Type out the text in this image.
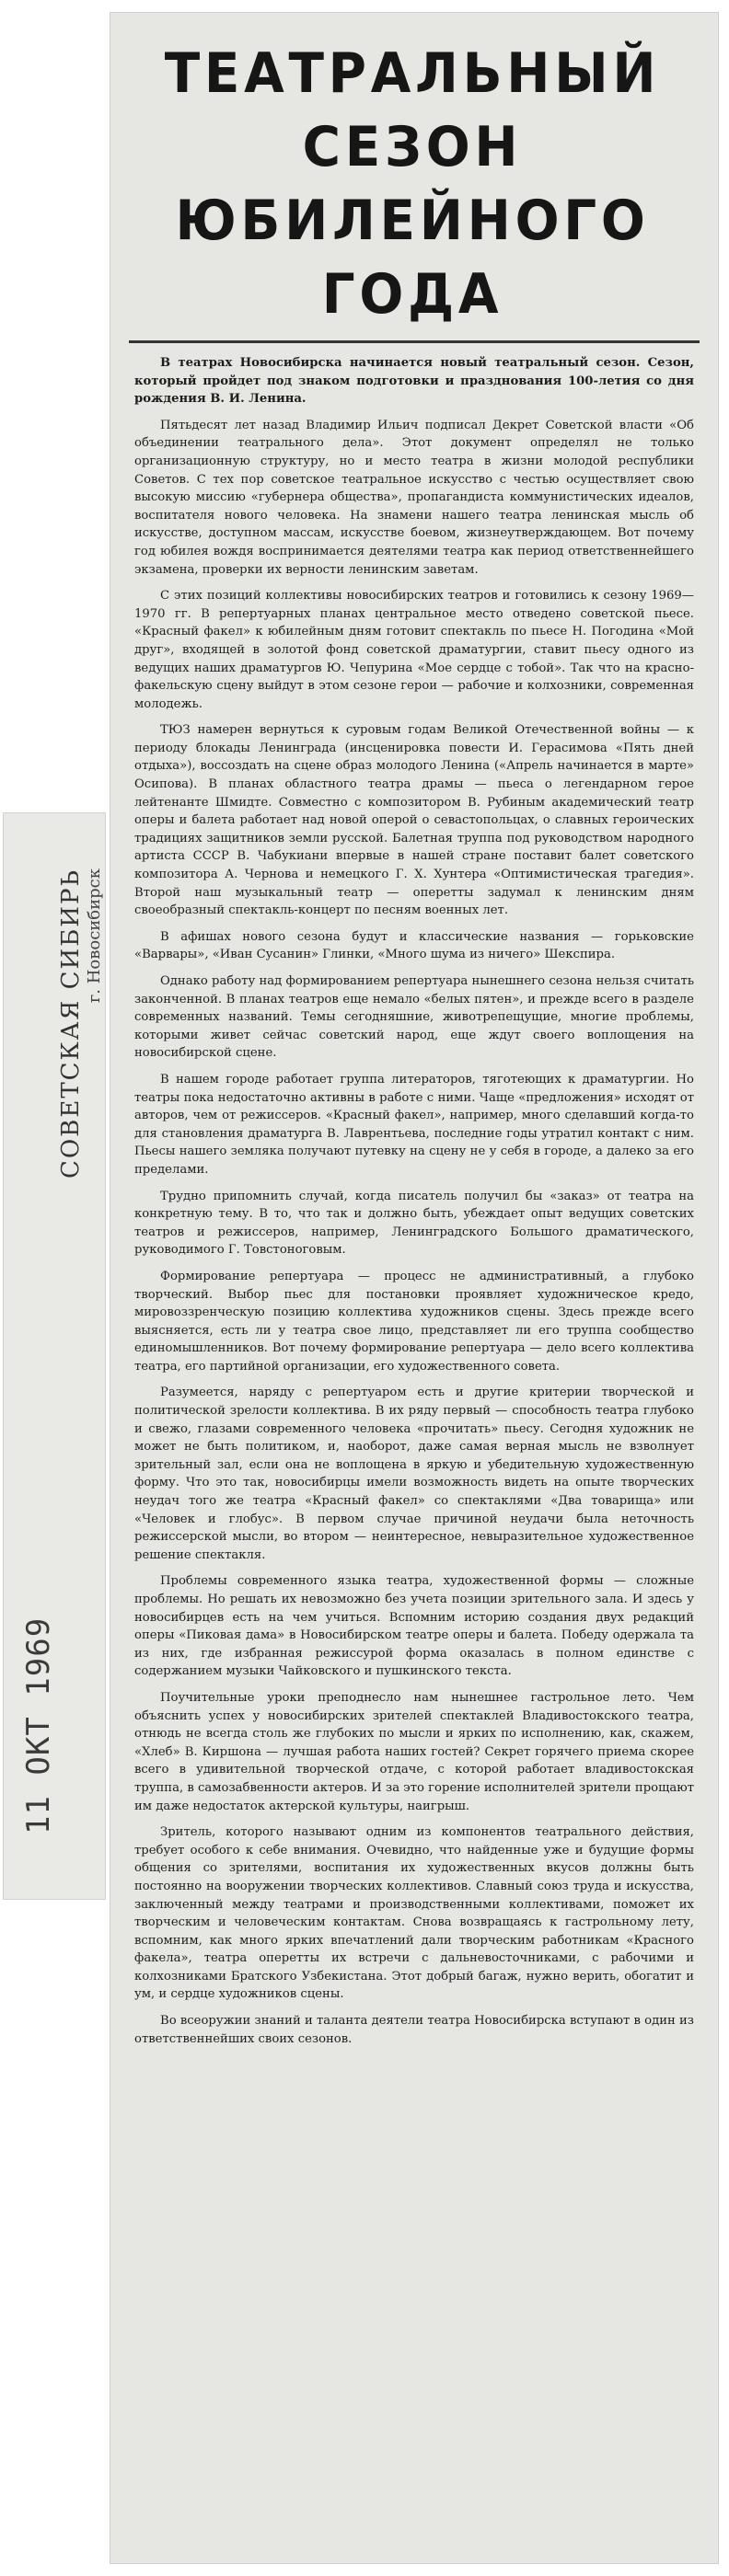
ТЕАТРАЛЬНЫЙ СЕЗОН
ЮБИЛЕЙНОГО ГОДА

В театрах Новосибирска начинается новый театральный сезон. Сезон, который пройдет под знаком подготовки и празднования 100-летия со дня рождения В. И. Ленина.

Пятьдесят лет назад Владимир Ильич подписал Декрет Советской власти «Об объединении театрального дела». Этот документ определял не только организационную структуру, но и место театра в жизни молодой республики Советов. С тех пор советское театральное искусство с честью осуществляет свою высокую миссию «губернера общества», пропагандиста коммунистических идеалов, воспитателя нового человека. На знамени нашего театра ленинская мысль об искусстве, доступном массам, искусстве боевом, жизнеутверждающем. Вот почему год юбилея вождя воспринимается деятелями театра как период ответственнейшего экзамена, проверки их верности ленинским заветам.

С этих позиций коллективы новосибирских театров и готовились к сезону 1969—1970 гг. В репертуарных планах центральное место отведено советской пьесе. «Красный факел» к юбилейным дням готовит спектакль по пьесе Н. Погодина «Мой друг», входящей в золотой фонд советской драматургии, ставит пьесу одного из ведущих наших драматургов Ю. Чепурина «Мое сердце с тобой». Так что на краснофакельскую сцену выйдут в этом сезоне герои — рабочие и колхозники, современная молодежь.

ТЮЗ намерен вернуться к суровым годам Великой Отечественной войны — к периоду блокады Ленинграда (инсценировка повести И. Герасимова «Пять дней отдыха»), воссоздать на сцене образ молодого Ленина («Апрель начинается в марте» Осипова). В планах областного театра драмы — пьеса о легендарном герое лейтенанте Шмидте. Совместно с композитором В. Рубиным академический театр оперы и балета работает над новой оперой о севастопольцах, о славных героических традициях защитников земли русской. Балетная труппа под руководством народного артиста СССР В. Чабукиани впервые в нашей стране поставит балет советского композитора А. Чернова и немецкого Г. Х. Хунтера «Оптимистическая трагедия». Второй наш музыкальный театр — оперетты задумал к ленинским дням своеобразный спектакль-концерт по песням военных лет.

В афишах нового сезона будут и классические названия — горьковские «Варвары», «Иван Сусанин» Глинки, «Много шума из ничего» Шекспира.

Однако работу над формированием репертуара нынешнего сезона нельзя считать законченной. В планах театров еще немало «белых пятен», и прежде всего в разделе современных названий. Темы сегодняшние, животрепещущие, многие проблемы, которыми живет сейчас советский народ, еще ждут своего воплощения на новосибирской сцене.

В нашем городе работает группа литераторов, тяготеющих к драматургии. Но театры пока недостаточно активны в работе с ними. Чаще «предложения» исходят от авторов, чем от режиссеров. «Красный факел», например, много сделавший когда-то для становления драматурга В. Лаврентьева, последние годы утратил контакт с ним. Пьесы нашего земляка получают путевку на сцену не у себя в городе, а далеко за его пределами.

Трудно припомнить случай, когда писатель получил бы «заказ» от театра на конкретную тему. В то, что так и должно быть, убеждает опыт ведущих советских театров и режиссеров, например, Ленинградского Большого драматического, руководимого Г. Товстоноговым.

Формирование репертуара — процесс не административный, а глубоко творческий. Выбор пьес для постановки проявляет художническое кредо, мировоззренческую позицию коллектива художников сцены. Здесь прежде всего выясняется, есть ли у театра свое лицо, представляет ли его труппа сообщество единомышленников. Вот почему формирование репертуара — дело всего коллектива театра, его партийной организации, его художественного совета.

Разумеется, наряду с репертуаром есть и другие критерии творческой и политической зрелости коллектива. В их ряду первый — способность театра глубоко и свежо, глазами современного человека «прочитать» пьесу. Сегодня художник не может не быть политиком, и, наоборот, даже самая верная мысль не взволнует зрительный зал, если она не воплощена в яркую и убедительную художественную форму. Что это так, новосибирцы имели возможность видеть на опыте творческих неудач того же театра «Красный факел» со спектаклями «Два товарища» или «Человек и глобус». В первом случае причиной неудачи была неточность режиссерской мысли, во втором — неинтересное, невыразительное художественное решение спектакля.

Проблемы современного языка театра, художественной формы — сложные проблемы. Но решать их невозможно без учета позиции зрительного зала. И здесь у новосибирцев есть на чем учиться. Вспомним историю создания двух редакций оперы «Пиковая дама» в Новосибирском театре оперы и балета. Победу одержала та из них, где избранная режиссурой форма оказалась в полном единстве с содержанием музыки Чайковского и пушкинского текста.

Поучительные уроки преподнесло нам нынешнее гастрольное лето. Чем объяснить успех у новосибирских зрителей спектаклей Владивостокского театра, отнюдь не всегда столь же глубоких по мысли и ярких по исполнению, как, скажем, «Хлеб» В. Киршона — лучшая работа наших гостей? Секрет горячего приема скорее всего в удивительной творческой отдаче, с которой работает владивостокская труппа, в самозабвенности актеров. И за это горение исполнителей зрители прощают им даже недостаток актерской культуры, наигрыш.

Зритель, которого называют одним из компонентов театрального действия, требует особого к себе внимания. Очевидно, что найденные уже и будущие формы общения со зрителями, воспитания их художественных вкусов должны быть постоянно на вооружении творческих коллективов. Славный союз труда и искусства, заключенный между театрами и производственными коллективами, поможет их творческим и человеческим контактам. Снова возвращаясь к гастрольному лету, вспомним, как много ярких впечатлений дали творческим работникам «Красного факела», театра оперетты их встречи с дальневосточниками, с рабочими и колхозниками Братского Узбекистана. Этот добрый багаж, нужно верить, обогатит и ум, и сердце художников сцены.

Во всеоружии знаний и таланта деятели театра Новосибирска вступают в один из ответственнейших своих сезонов.

СОВЕТСКАЯ СИБИРЬ г. Новосибирск
11 ОКТ 1969
